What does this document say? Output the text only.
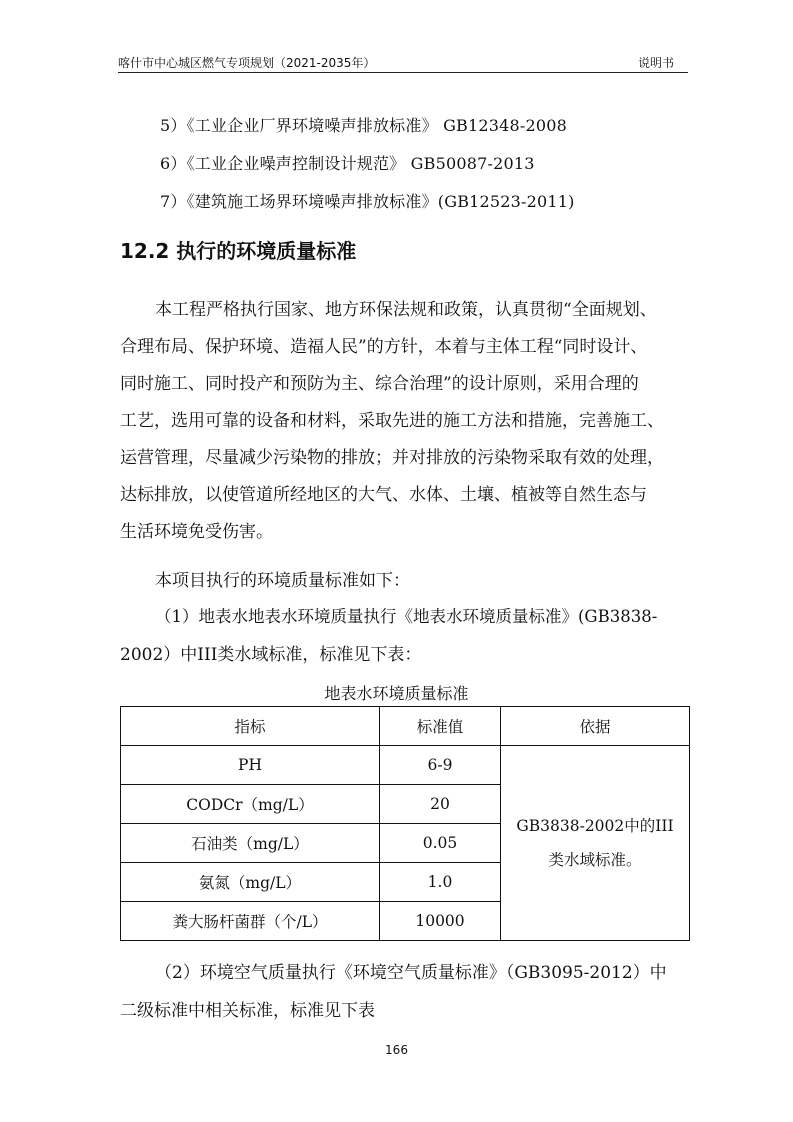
喀什市中心城区燃气专项规划（2021-2035年）	说明书
5）《工业企业厂界环境噪声排放标准》 GB12348-2008
6）《工业企业噪声控制设计规范》 GB50087-2013
7）《建筑施工场界环境噪声排放标准》(GB12523-2011)
12.2 执行的环境质量标准
本工程严格执行国家、地方环保法规和政策，认真贯彻“全面规划、
合理布局、保护环境、造福人民”的方针，本着与主体工程“同时设计、
同时施工、同时投产和预防为主、综合治理”的设计原则，采用合理的
工艺，选用可靠的设备和材料，采取先进的施工方法和措施，完善施工、
运营管理，尽量减少污染物的排放；并对排放的污染物采取有效的处理，
达标排放，以使管道所经地区的大气、水体、土壤、植被等自然生态与
生活环境免受伤害。
本项目执行的环境质量标准如下：
（1）地表水地表水环境质量执行《地表水环境质量标准》(GB3838-
2002）中III类水域标准，标准见下表：
地表水环境质量标准
指标	标准值	依据
PH	6-9	GB3838-2002中的III
类水域标准。
CODCr（mg/L）	20	
石油类（mg/L）	0.05	
氨氮（mg/L）	1.0	
粪大肠杆菌群（个/L）	10000	
（2）环境空气质量执行《环境空气质量标准》（GB3095-2012）中
二级标准中相关标准，标准见下表
166
